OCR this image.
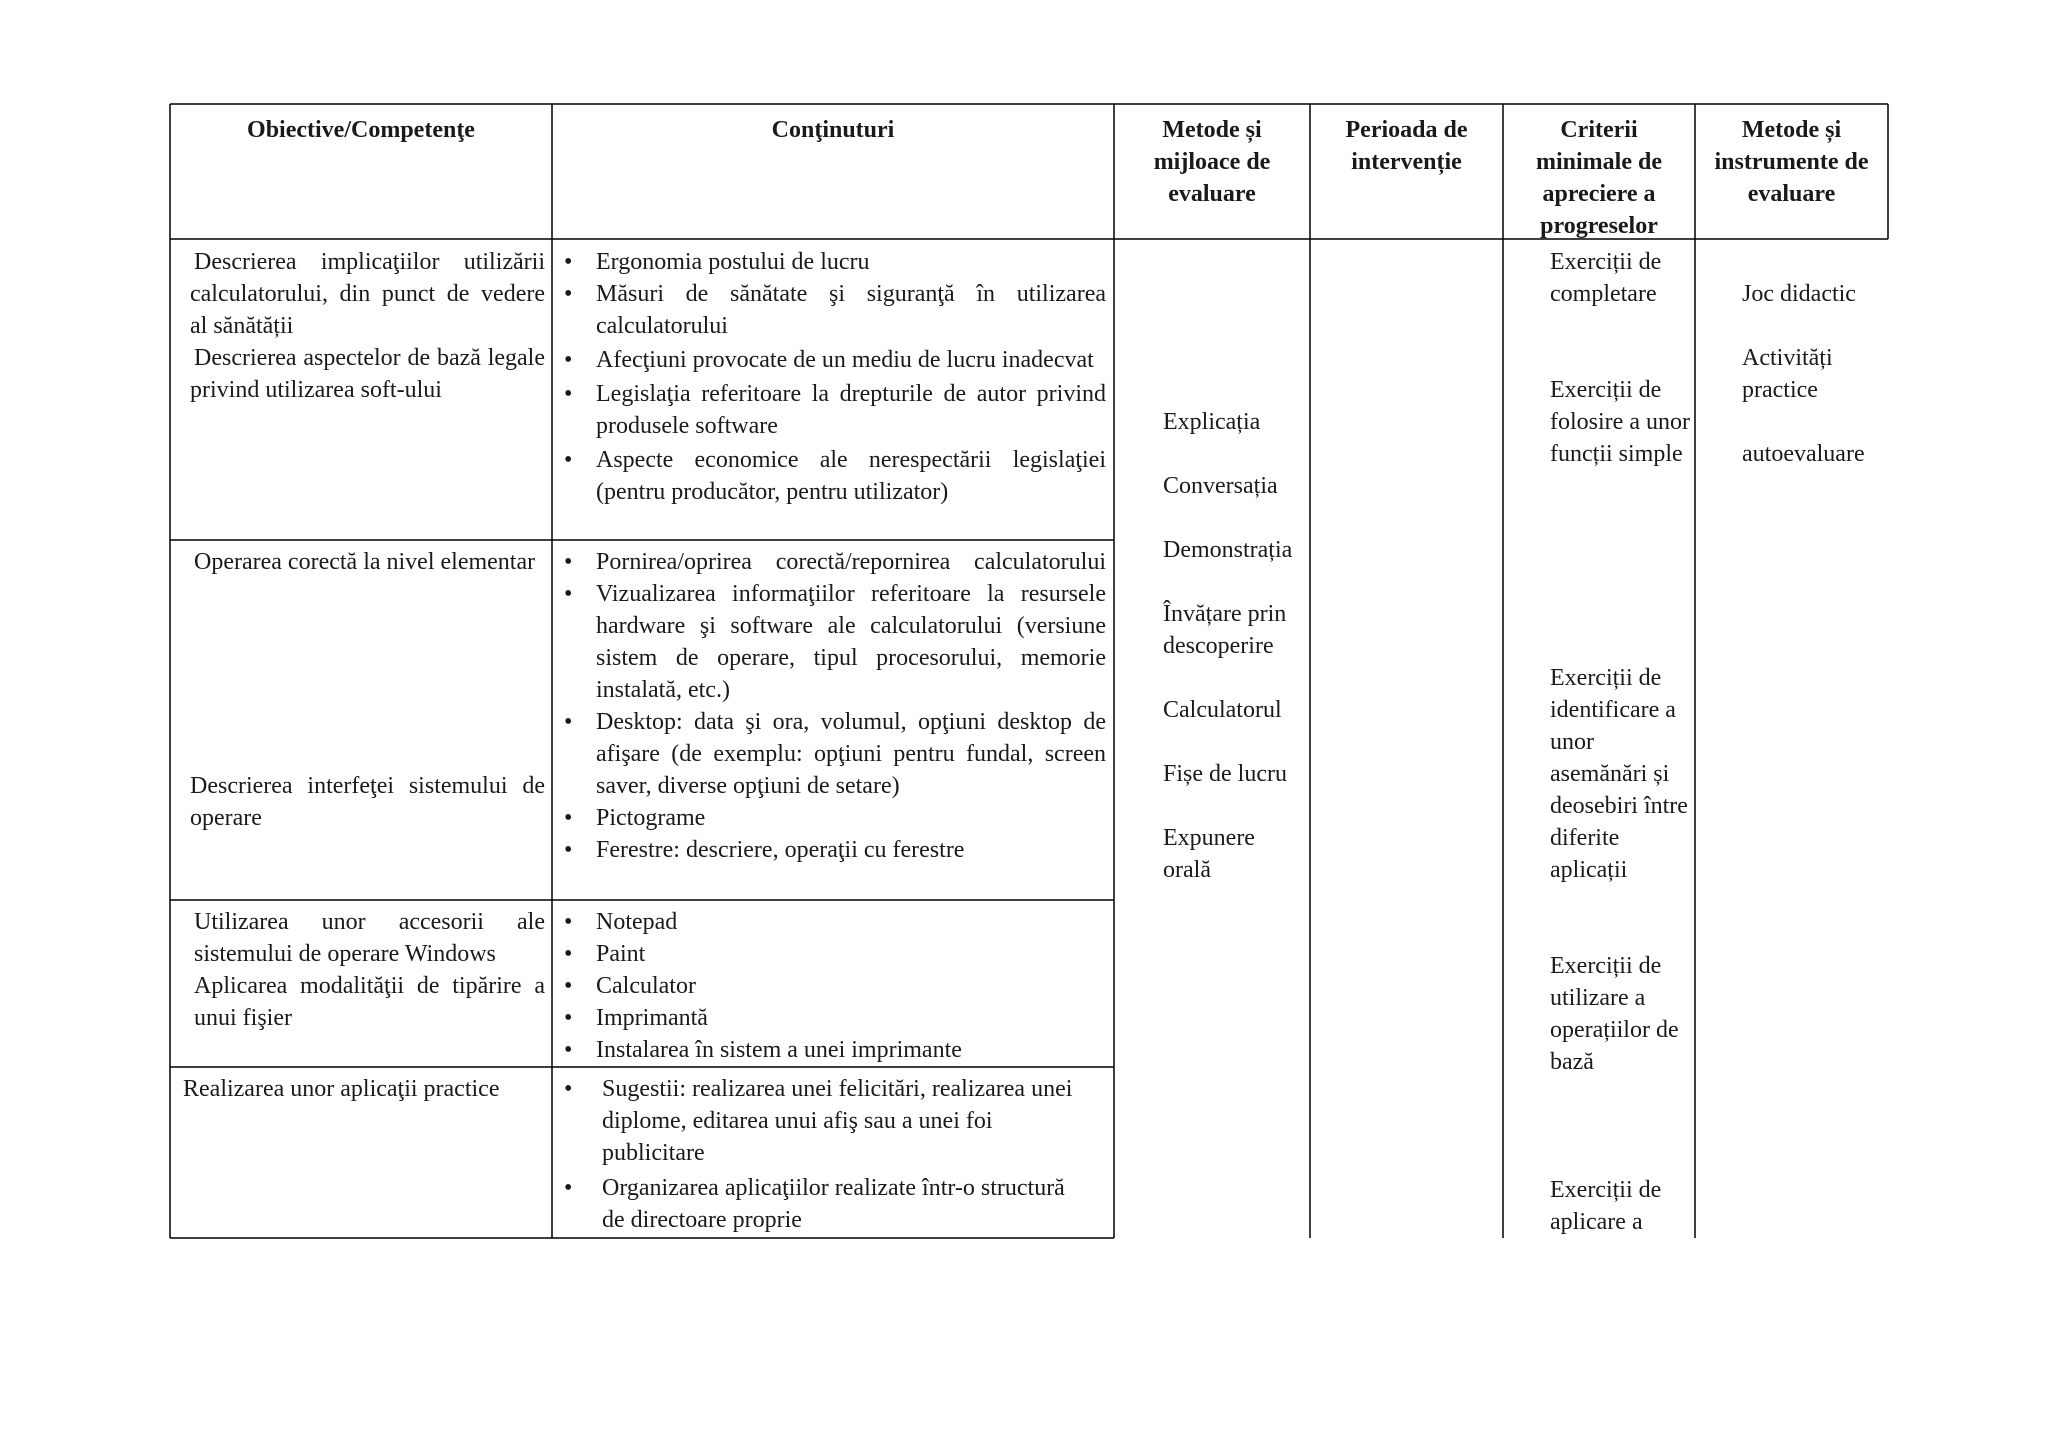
Obiective/Competenţe	Conţinuturi	Metode și mijloace de evaluare
Perioada de intervenție
Criterii minimale de apreciere a progreselor
Metode și instrumente de evaluare

Descrierea implicaţiilor utilizării calculatorului, din punct de vedere al sănătății

Descrierea aspectelor de bază legale privind utilizarea soft-ului

• Ergonomia postului de lucru
• Măsuri de sănătate şi siguranţă în utilizarea calculatorului
• Afecţiuni provocate de un mediu de lucru inadecvat
• Legislaţia referitoare la drepturile de autor privind produsele software
• Aspecte economice ale nerespectării legislaţiei (pentru producător, pentru utilizator)
Operarea corectă la nivel elementar
Descrierea interfeţei sistemului de operare
• Pornirea/oprirea corectă/repornirea calculatorului
• Vizualizarea informaţiilor referitoare la resursele hardware şi software ale calculatorului (versiune sistem de operare, tipul procesorului, memorie instalată, etc.)
• Desktop: data şi ora, volumul, opţiuni desktop de afişare (de exemplu: opţiuni pentru fundal, screen saver, diverse opţiuni de setare)
• Pictograme
• Ferestre: descriere, operaţii cu ferestre

Utilizarea unor accesorii ale sistemului de operare Windows

Aplicarea modalităţii de tipărire a unui fişier

• Notepad
• Paint
• Calculator
• Imprimantă
• Instalarea în sistem a unei imprimante
Realizarea unor aplicaţii practice
•	Sugestii: realizarea unei felicitări, realizarea unei diplome, editarea unui afiş sau a unei foi publicitare
• Organizarea aplicaţiilor realizate într-o structură de directoare proprie

Explicația

Conversația

Demonstrația

Învățare prin descoperire

Calculatorul

Fișe de lucru

Expunere orală

Exerciții de completare
Exerciții de folosire a unor funcții simple
Exerciții de identificare a unor asemănări și deosebiri între diferite aplicații
Exerciții de utilizare a operațiilor de bază
Exerciții de aplicare a
Joc didactic
Activități practice
autoevaluare
